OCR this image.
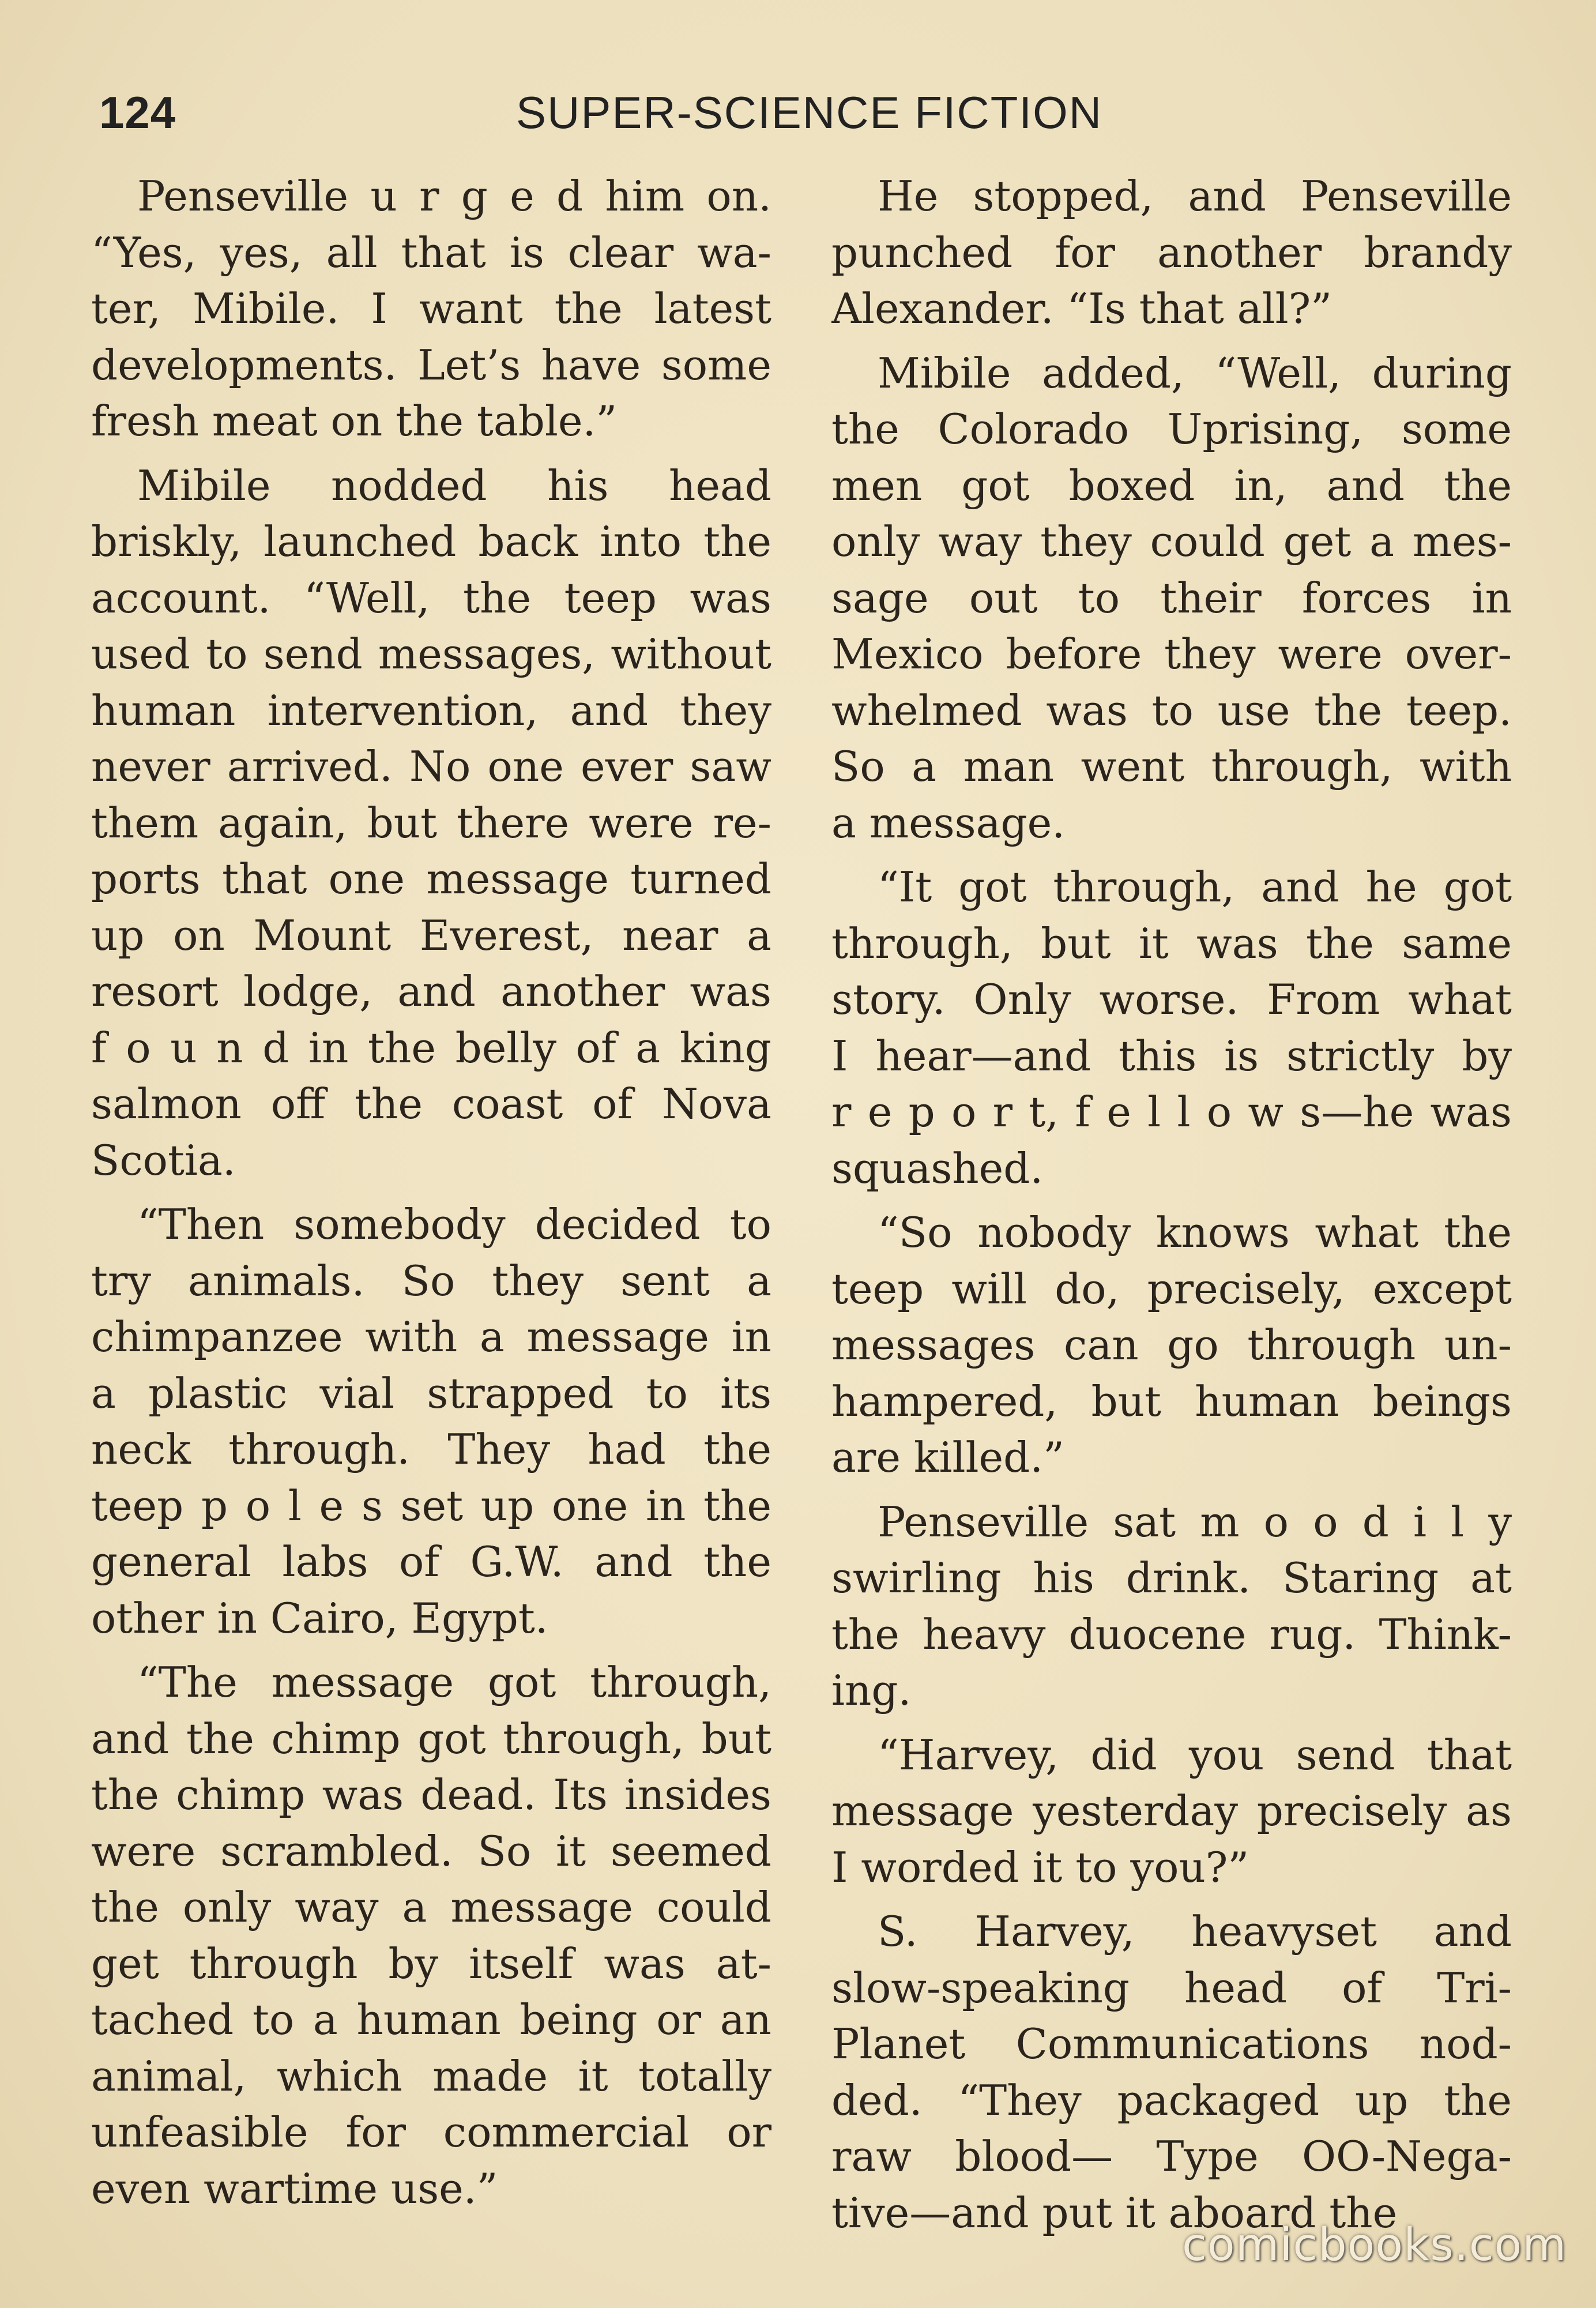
124	SUPER-SCIENCE FICTION
Penseville u r g e d him on.
“Yes, yes, all that is clear wa-
ter, Mibile. I want the latest
developments. Let’s have some
fresh meat on the table.”
Mibile nodded his head
briskly, launched back into the
account. “Well, the teep was
used to send messages, without
human intervention, and they
never arrived. No one ever saw
them again, but there were re-
ports that one message turned
up on Mount Everest, near a
resort lodge, and another was
f o u n d in the belly of a king
salmon off the coast of Nova
Scotia.
“Then somebody decided to
try animals. So they sent a
chimpanzee with a message in
a plastic vial strapped to its
neck through. They had the
teep p o l e s set up one in the
general labs of G.W. and the
other in Cairo, Egypt.
“The message got through,
and the chimp got through, but
the chimp was dead. Its insides
were scrambled. So it seemed
the only way a message could
get through by itself was at-
tached to a human being or an
animal, which made it totally
unfeasible for commercial or
even wartime use.”
He stopped, and Penseville
punched for another brandy
Alexander. “Is that all?”
Mibile added, “Well, during
the Colorado Uprising, some
men got boxed in, and the
only way they could get a mes-
sage out to their forces in
Mexico before they were over-
whelmed was to use the teep.
So a man went through, with
a message.
“It got through, and he got
through, but it was the same
story. Only worse. From what
I hear—and this is strictly by
r e p o r t, f e l l o w s—he was
squashed.
“So nobody knows what the
teep will do, precisely, except
messages can go through un-
hampered, but human beings
are killed.”
Penseville sat m o o d i l y
swirling his drink. Staring at
the heavy duocene rug. Think-
ing.
“Harvey, did you send that
message yesterday precisely as
I worded it to you?”
S. Harvey, heavyset and
slow-speaking head of Tri-
Planet Communications nod-
ded. “They packaged up the
raw blood— Type OO-Nega-
tive—and put it aboard the
comicbooks.com
